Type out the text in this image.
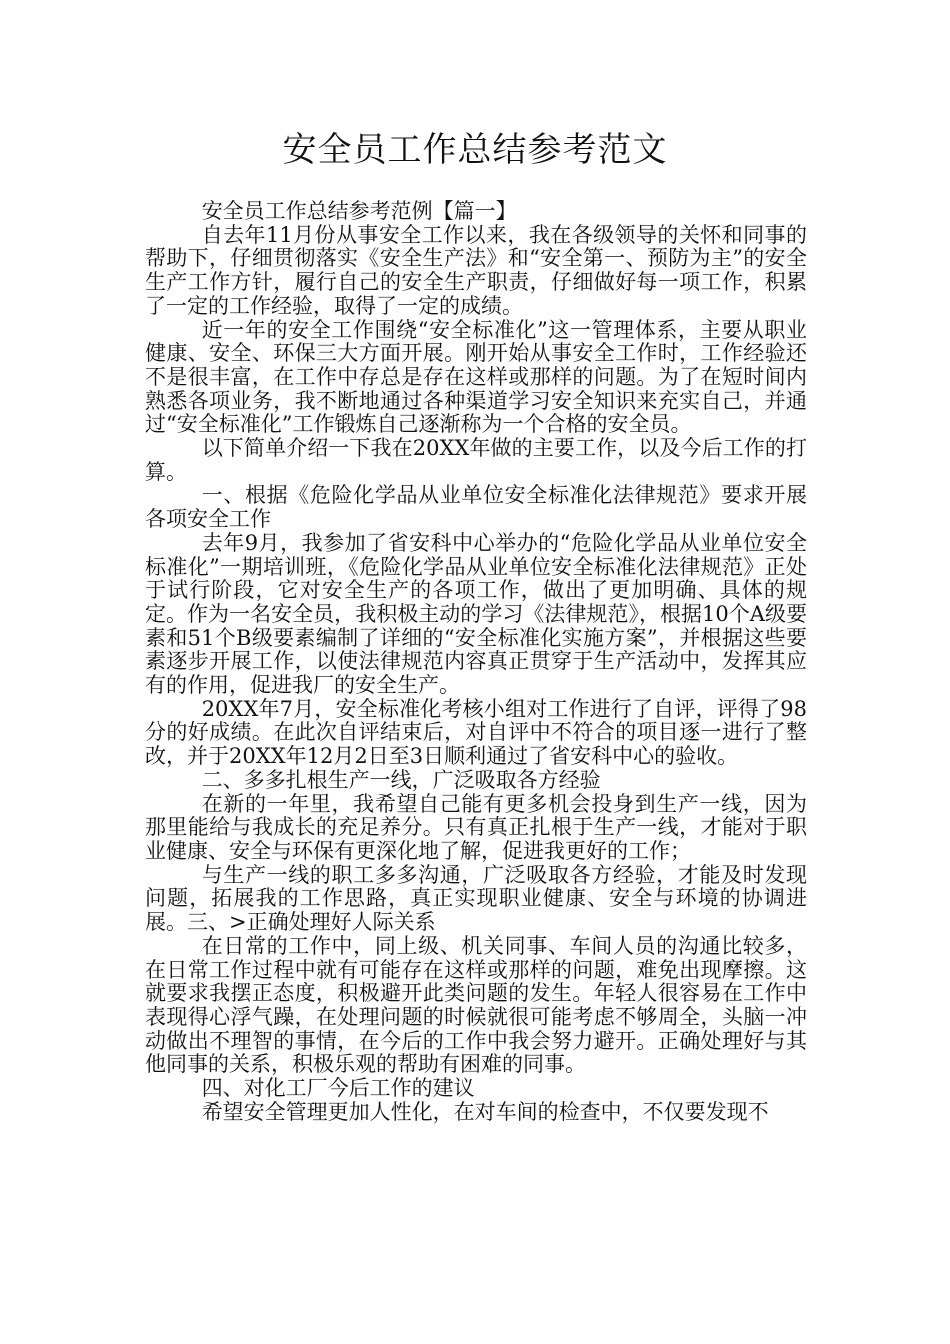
安全员工作总结参考范文

安全员工作总结参考范例【篇一】

自去年11月份从事安全工作以来，我在各级领导的关怀和同事的帮助下，仔细贯彻落实《安全生产法》和“安全第一、预防为主”的安全生产工作方针，履行自己的安全生产职责，仔细做好每一项工作，积累了一定的工作经验，取得了一定的成绩。

近一年的安全工作围绕“安全标准化”这一管理体系，主要从职业健康、安全、环保三大方面开展。刚开始从事安全工作时，工作经验还不是很丰富，在工作中存总是存在这样或那样的问题。为了在短时间内熟悉各项业务，我不断地通过各种渠道学习安全知识来充实自己，并通过“安全标准化”工作锻炼自己逐渐称为一个合格的安全员。

以下简单介绍一下我在20XX年做的主要工作，以及今后工作的打算。

一、根据《危险化学品从业单位安全标准化法律规范》要求开展各项安全工作

去年9月，我参加了省安科中心举办的“危险化学品从业单位安全标准化”一期培训班，《危险化学品从业单位安全标准化法律规范》正处于试行阶段，它对安全生产的各项工作，做出了更加明确、具体的规定。作为一名安全员，我积极主动的学习《法律规范》，根据10个A级要素和51个B级要素编制了详细的“安全标准化实施方案”，并根据这些要素逐步开展工作，以使法律规范内容真正贯穿于生产活动中，发挥其应有的作用，促进我厂的安全生产。

20XX年7月，安全标准化考核小组对工作进行了自评，评得了98分的好成绩。在此次自评结束后，对自评中不符合的项目逐一进行了整改，并于20XX年12月2日至3日顺利通过了省安科中心的验收。

二、多多扎根生产一线，广泛吸取各方经验

在新的一年里，我希望自己能有更多机会投身到生产一线，因为那里能给与我成长的充足养分。只有真正扎根于生产一线，才能对于职业健康、安全与环保有更深化地了解，促进我更好的工作；

与生产一线的职工多多沟通，广泛吸取各方经验，才能及时发现问题，拓展我的工作思路，真正实现职业健康、安全与环境的协调进展。三、>正确处理好人际关系

在日常的工作中，同上级、机关同事、车间人员的沟通比较多，在日常工作过程中就有可能存在这样或那样的问题，难免出现摩擦。这就要求我摆正态度，积极避开此类问题的发生。年轻人很容易在工作中表现得心浮气躁，在处理问题的时候就很可能考虑不够周全，头脑一冲动做出不理智的事情，在今后的工作中我会努力避开。正确处理好与其他同事的关系，积极乐观的帮助有困难的同事。

四、对化工厂今后工作的建议

希望安全管理更加人性化，在对车间的检查中，不仅要发现不
